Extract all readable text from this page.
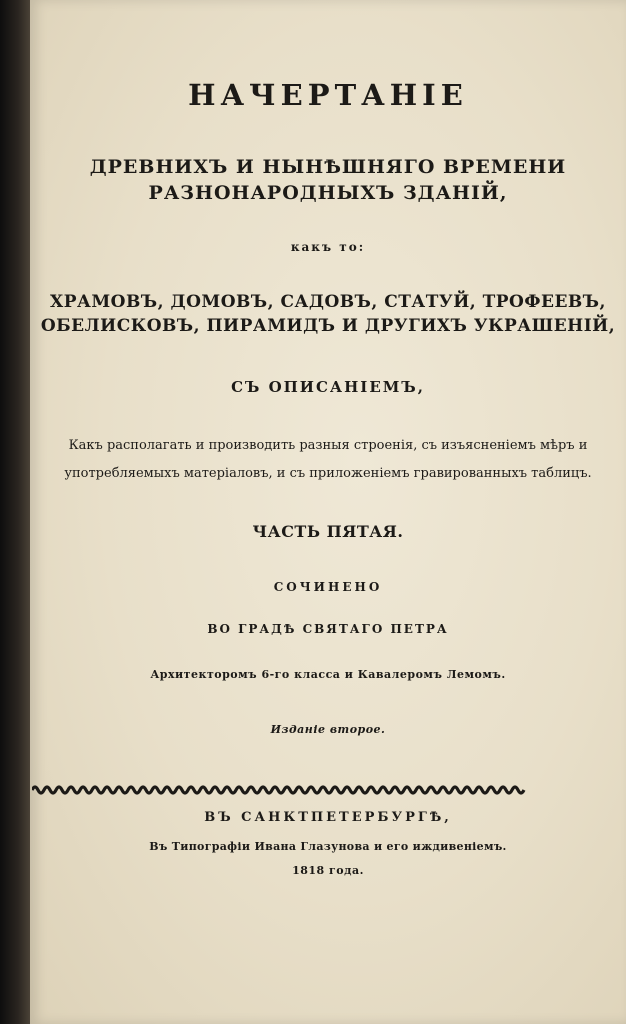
НАЧЕРТАНІЕ
ДРЕВНИХЪ И НЫНѢШНЯГО ВРЕМЕНИ
РАЗНОНАРОДНЫХЪ ЗДАНІЙ,
какъ то:
ХРАМОВЪ, ДОМОВЪ, САДОВЪ, СТАТУЙ, ТРОФЕЕВЪ,
ОБЕЛИСКОВЪ, ПИРАМИДЪ И ДРУГИХЪ УКРАШЕНІЙ,
СЪ ОПИСАНІЕМЪ,
Какъ располагать и производить разныя строенія, съ изъясненіемъ мѣръ и
употребляемыхъ матеріаловъ, и съ приложеніемъ гравированныхъ таблицъ.
ЧАСТЬ ПЯТАЯ.
СОЧИНЕНО
ВО ГРАДѢ СВЯТАГО ПЕТРА
Архитекторомъ 6-го класса и Кавалеромъ Лемомъ.
Изданіе второе.
ВЪ САНКТПЕТЕРБУРГѢ,
Въ Типографіи Ивана Глазунова и его иждивеніемъ.
1818 года.
